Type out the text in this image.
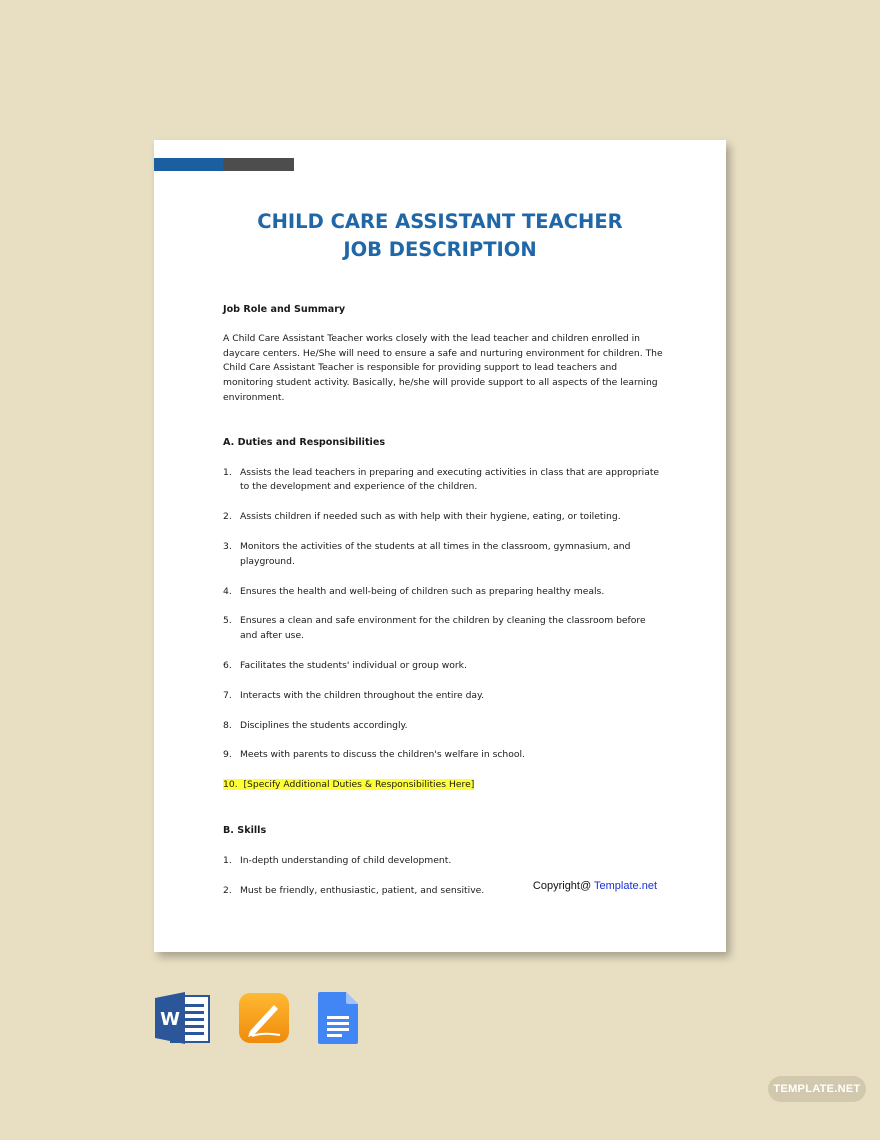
CHILD CARE ASSISTANT TEACHER
JOB DESCRIPTION

Job Role and Summary

A Child Care Assistant Teacher works closely with the lead teacher and children enrolled in daycare centers. He/She will need to ensure a safe and nurturing environment for children. The Child Care Assistant Teacher is responsible for providing support to lead teachers and monitoring student activity. Basically, he/she will provide support to all aspects of the learning environment.

A. Duties and Responsibilities

1. Assists the lead teachers in preparing and executing activities in class that are appropriate to the development and experience of the children.
2. Assists children if needed such as with help with their hygiene, eating, or toileting.
3. Monitors the activities of the students at all times in the classroom, gymnasium, and playground.
4. Ensures the health and well-being of children such as preparing healthy meals.
5. Ensures a clean and safe environment for the children by cleaning the classroom before and after use.
6. Facilitates the students' individual or group work.
7. Interacts with the children throughout the entire day.
8. Disciplines the students accordingly.
9. Meets with parents to discuss the children's welfare in school.
10. [Specify Additional Duties & Responsibilities Here]

B. Skills

1. In-depth understanding of child development.
2. Must be friendly, enthusiastic, patient, and sensitive.	Copyright@ Template.net
W
TEMPLATE.NET
